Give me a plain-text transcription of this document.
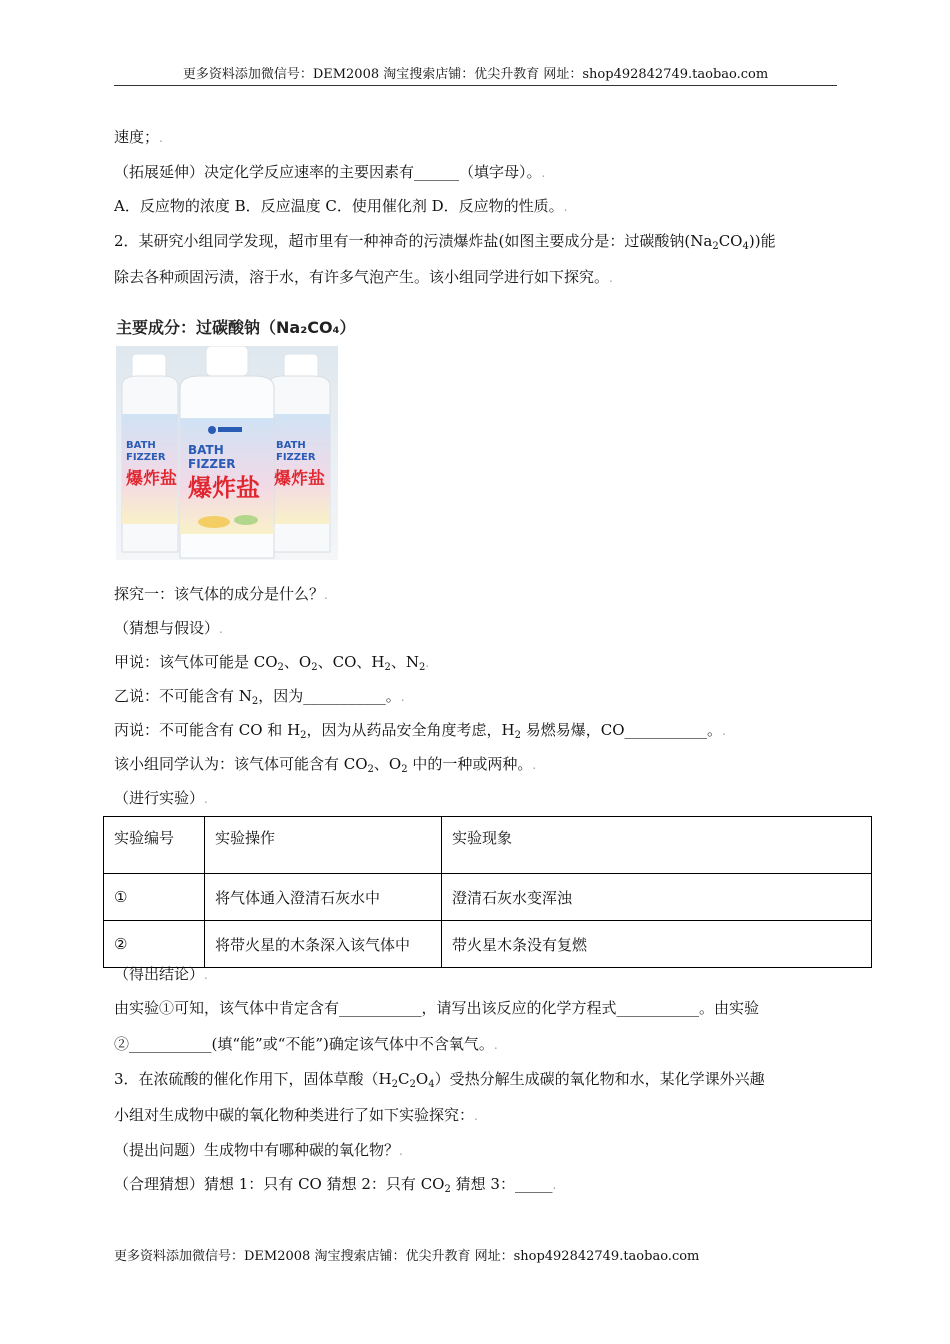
更多资料添加微信号：DEM2008 淘宝搜索店铺：优尖升教育 网址：shop492842749.taobao.com
速度；.
（拓展延伸）决定化学反应速率的主要因素有______（填字母）。.
A．反应物的浓度 B．反应温度 C．使用催化剂 D．反应物的性质。.
2．某研究小组同学发现，超市里有一种神奇的污渍爆炸盐(如图主要成分是：过碳酸钠$(Na_2CO_4)$)能
除去各种顽固污渍，溶于水，有许多气泡产生。该小组同学进行如下探究。.
主要成分：过碳酸钠（Na₂CO₄）
BATH
FIZZER
爆炸盐
BATH
FIZZER
爆炸盐
BATH
FIZZER
爆炸盐
探究一：该气体的成分是什么？.
（猜想与假设）.
甲说：该气体可能是 $CO_2$、$O_2$、CO、$H_2$、$N_2$.
乙说：不可能含有 $N_2$，因为___________。.
丙说：不可能含有 CO 和 $H_2$，因为从药品安全角度考虑，$H_2$ 易燃易爆，CO___________。.
该小组同学认为：该气体可能含有 $CO_2$、$O_2$ 中的一种或两种。.
（进行实验）.
实验编号	实验操作	实验现象
①	将气体通入澄清石灰水中	澄清石灰水变浑浊
②	将带火星的木条深入该气体中	带火星木条没有复燃
（得出结论）.
由实验①可知，该气体中肯定含有___________，请写出该反应的化学方程式___________。由实验
②___________(填“能”或“不能”)确定该气体中不含氧气。.
3．在浓硫酸的催化作用下，固体草酸$(H_2C_2O_4)$受热分解生成碳的氧化物和水，某化学课外兴趣
小组对生成物中碳的氧化物种类进行了如下实验探究：.
（提出问题）生成物中有哪种碳的氧化物？.
（合理猜想）猜想 1：只有 CO 猜想 2：只有 $CO_2$ 猜想 3：_____.
更多资料添加微信号：DEM2008 淘宝搜索店铺：优尖升教育 网址：shop492842749.taobao.com
